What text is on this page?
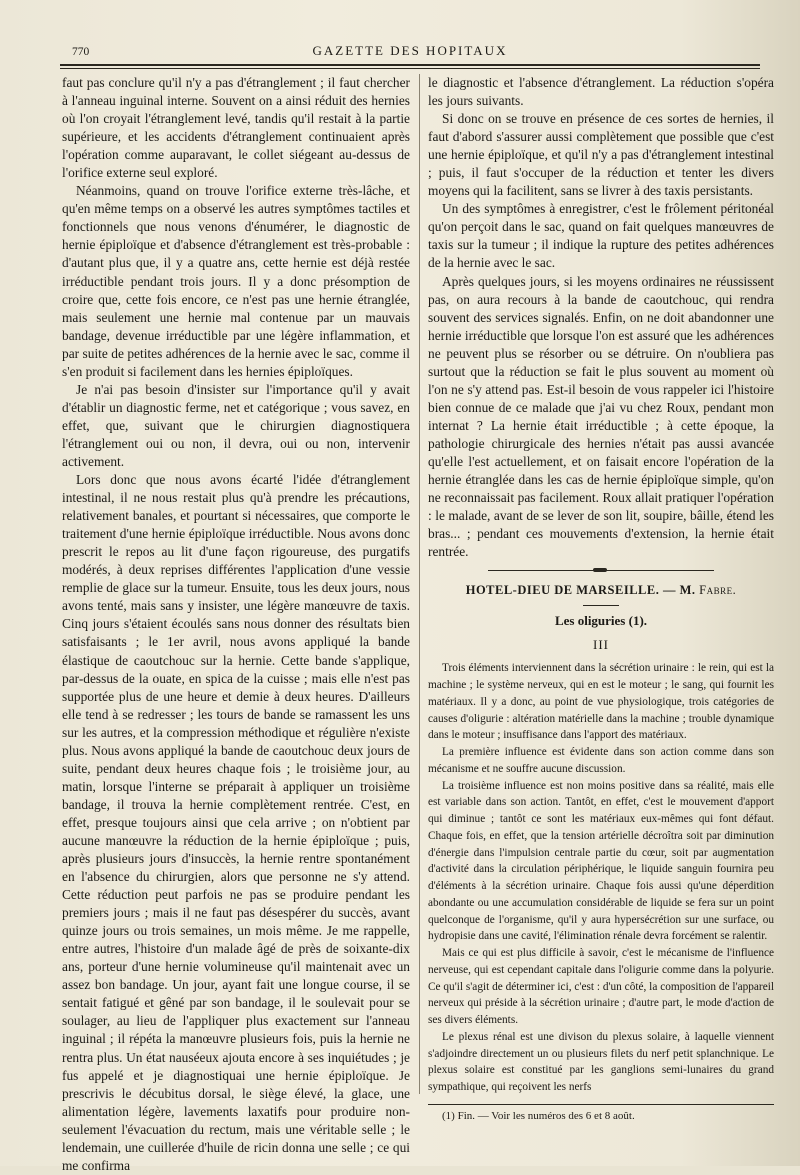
770	GAZETTE DES HOPITAUX

faut pas conclure qu'il n'y a pas d'étranglement ; il faut chercher à l'anneau inguinal interne. Souvent on a ainsi réduit des hernies où l'on croyait l'étranglement levé, tandis qu'il restait à la partie supérieure, et les accidents d'étranglement continuaient après l'opération comme auparavant, le collet siégeant au-dessus de l'orifice externe seul exploré.

Néanmoins, quand on trouve l'orifice externe très-lâche, et qu'en même temps on a observé les autres symptômes tactiles et fonctionnels que nous venons d'énumérer, le diagnostic de hernie épiploïque et d'absence d'étranglement est très-probable : d'autant plus que, il y a quatre ans, cette hernie est déjà restée irréductible pendant trois jours. Il y a donc présomption de croire que, cette fois encore, ce n'est pas une hernie étranglée, mais seulement une hernie mal contenue par un mauvais bandage, devenue irréductible par une légère inflammation, et par suite de petites adhérences de la hernie avec le sac, comme il s'en produit si facilement dans les hernies épiploïques.

Je n'ai pas besoin d'insister sur l'importance qu'il y avait d'établir un diagnostic ferme, net et catégorique ; vous savez, en effet, que, suivant que le chirurgien diagnostiquera l'étranglement oui ou non, il devra, oui ou non, intervenir activement.

Lors donc que nous avons écarté l'idée d'étranglement intestinal, il ne nous restait plus qu'à prendre les précautions, relativement banales, et pourtant si nécessaires, que comporte le traitement d'une hernie épiploïque irréductible. Nous avons donc prescrit le repos au lit d'une façon rigoureuse, des purgatifs modérés, à deux reprises différentes l'application d'une vessie remplie de glace sur la tumeur. Ensuite, tous les deux jours, nous avons tenté, mais sans y insister, une légère manœuvre de taxis. Cinq jours s'étaient écoulés sans nous donner des résultats bien satisfaisants ; le 1er avril, nous avons appliqué la bande élastique de caoutchouc sur la hernie. Cette bande s'applique, par-dessus de la ouate, en spica de la cuisse ; mais elle n'est pas supportée plus de une heure et demie à deux heures. D'ailleurs elle tend à se redresser ; les tours de bande se ramassent les uns sur les autres, et la compression méthodique et régulière n'existe plus. Nous avons appliqué la bande de caoutchouc deux jours de suite, pendant deux heures chaque fois ; le troisième jour, au matin, lorsque l'interne se préparait à appliquer un troisième bandage, il trouva la hernie complètement rentrée. C'est, en effet, presque toujours ainsi que cela arrive ; on n'obtient par aucune manœuvre la réduction de la hernie épiploïque ; puis, après plusieurs jours d'insuccès, la hernie rentre spontanément en l'absence du chirurgien, alors que personne ne s'y attend. Cette réduction peut parfois ne pas se produire pendant les premiers jours ; mais il ne faut pas désespérer du succès, avant quinze jours ou trois semaines, un mois même. Je me rappelle, entre autres, l'histoire d'un malade âgé de près de soixante-dix ans, porteur d'une hernie volumineuse qu'il maintenait avec un assez bon bandage. Un jour, ayant fait une longue course, il se sentait fatigué et gêné par son bandage, il le soulevait pour se soulager, au lieu de l'appliquer plus exactement sur l'anneau inguinal ; il répéta la manœuvre plusieurs fois, puis la hernie ne rentra plus. Un état nauséeux ajouta encore à ses inquiétudes ; je fus appelé et je diagnostiquai une hernie épiploïque. Je prescrivis le décubitus dorsal, le siège élevé, la glace, une alimentation légère, lavements laxatifs pour produire non-seulement l'évacuation du rectum, mais une véritable selle ; le lendemain, une cuillerée d'huile de ricin donna une selle ; ce qui me confirma

le diagnostic et l'absence d'étranglement. La réduction s'opéra les jours suivants.

Si donc on se trouve en présence de ces sortes de hernies, il faut d'abord s'assurer aussi complètement que possible que c'est une hernie épiploïque, et qu'il n'y a pas d'étranglement intestinal ; puis, il faut s'occuper de la réduction et tenter les divers moyens qui la facilitent, sans se livrer à des taxis persistants.

Un des symptômes à enregistrer, c'est le frôlement péritonéal qu'on perçoit dans le sac, quand on fait quelques manœuvres de taxis sur la tumeur ; il indique la rupture des petites adhérences de la hernie avec le sac.

Après quelques jours, si les moyens ordinaires ne réussissent pas, on aura recours à la bande de caoutchouc, qui rendra souvent des services signalés. Enfin, on ne doit abandonner une hernie irréductible que lorsque l'on est assuré que les adhérences ne peuvent plus se résorber ou se détruire. On n'oubliera pas surtout que la réduction se fait le plus souvent au moment où l'on ne s'y attend pas. Est-il besoin de vous rappeler ici l'histoire bien connue de ce malade que j'ai vu chez Roux, pendant mon internat ? La hernie était irréductible ; à cette époque, la pathologie chirurgicale des hernies n'était pas aussi avancée qu'elle l'est actuellement, et on faisait encore l'opération de la hernie étranglée dans les cas de hernie épiploïque simple, qu'on ne reconnaissait pas facilement. Roux allait pratiquer l'opération : le malade, avant de se lever de son lit, soupire, bâille, étend les bras... ; pendant ces mouvements d'extension, la hernie était rentrée.

HOTEL-DIEU DE MARSEILLE. — M. Fabre.
Les oliguries (1).
III

Trois éléments interviennent dans la sécrétion urinaire : le rein, qui est la machine ; le système nerveux, qui en est le moteur ; le sang, qui fournit les matériaux. Il y a donc, au point de vue physiologique, trois catégories de causes d'oligurie : altération matérielle dans la machine ; trouble dynamique dans le moteur ; insuffisance dans l'apport des matériaux.

La première influence est évidente dans son action comme dans son mécanisme et ne souffre aucune discussion.

La troisième influence est non moins positive dans sa réalité, mais elle est variable dans son action. Tantôt, en effet, c'est le mouvement d'apport qui diminue ; tantôt ce sont les matériaux eux-mêmes qui font défaut. Chaque fois, en effet, que la tension artérielle décroîtra soit par diminution d'énergie dans l'impulsion centrale partie du cœur, soit par augmentation d'activité dans la circulation périphérique, le liquide sanguin fournira peu d'éléments à la sécrétion urinaire. Chaque fois aussi qu'une déperdition abondante ou une accumulation considérable de liquide se fera sur un point quelconque de l'organisme, qu'il y aura hypersécrétion sur une surface, ou hydropisie dans une cavité, l'élimination rénale devra forcément se ralentir.

Mais ce qui est plus difficile à savoir, c'est le mécanisme de l'influence nerveuse, qui est cependant capitale dans l'oligurie comme dans la polyurie. Ce qu'il s'agit de déterminer ici, c'est : d'un côté, la composition de l'appareil nerveux qui préside à la sécrétion urinaire ; d'autre part, le mode d'action de ses divers éléments.

Le plexus rénal est une divison du plexus solaire, à laquelle viennent s'adjoindre directement un ou plusieurs filets du nerf petit splanchnique. Le plexus solaire est constitué par les ganglions semi-lunaires du grand sympathique, qui reçoivent les nerfs

(1) Fin. — Voir les numéros des 6 et 8 août.
